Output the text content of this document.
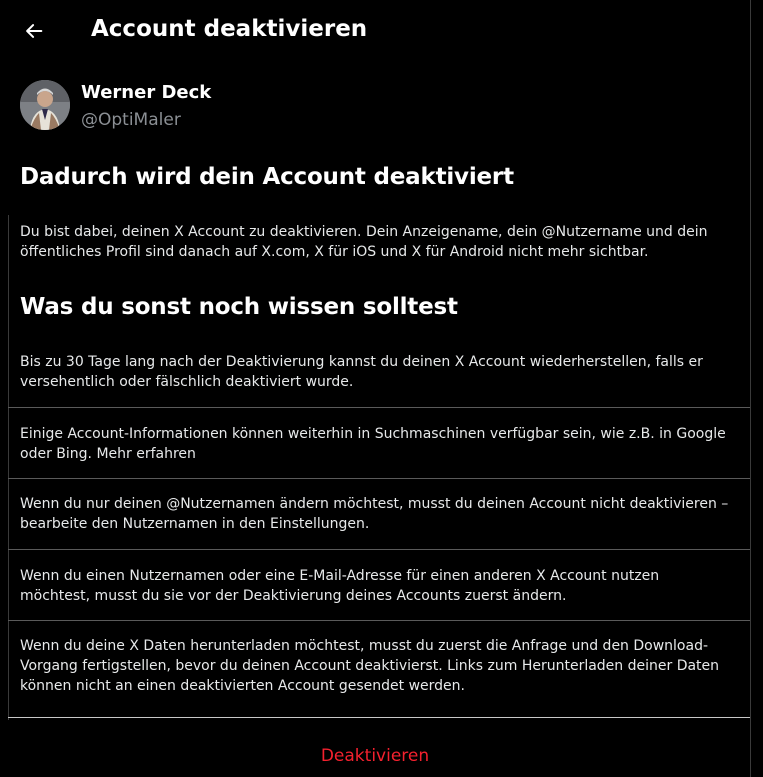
Account deaktivieren
Werner Deck
@OptiMaler
Dadurch wird dein Account deaktiviert
Du bist dabei, deinen X Account zu deaktivieren. Dein Anzeigename, dein @Nutzername und dein öffentliches Profil sind danach auf X.com, X für iOS und X für Android nicht mehr sichtbar.
Was du sonst noch wissen solltest
Bis zu 30 Tage lang nach der Deaktivierung kannst du deinen X Account wiederherstellen, falls er versehentlich oder fälschlich deaktiviert wurde.
Einige Account-Informationen können weiterhin in Suchmaschinen verfügbar sein, wie z.B. in Google oder Bing. Mehr erfahren
Wenn du nur deinen @Nutzernamen ändern möchtest, musst du deinen Account nicht deaktivieren – bearbeite den Nutzernamen in den Einstellungen.
Wenn du einen Nutzernamen oder eine E-Mail-Adresse für einen anderen X Account nutzen möchtest, musst du sie vor der Deaktivierung deines Accounts zuerst ändern.
Wenn du deine X Daten herunterladen möchtest, musst du zuerst die Anfrage und den Download-Vorgang fertigstellen, bevor du deinen Account deaktivierst. Links zum Herunterladen deiner Daten können nicht an einen deaktivierten Account gesendet werden.
Deaktivieren
